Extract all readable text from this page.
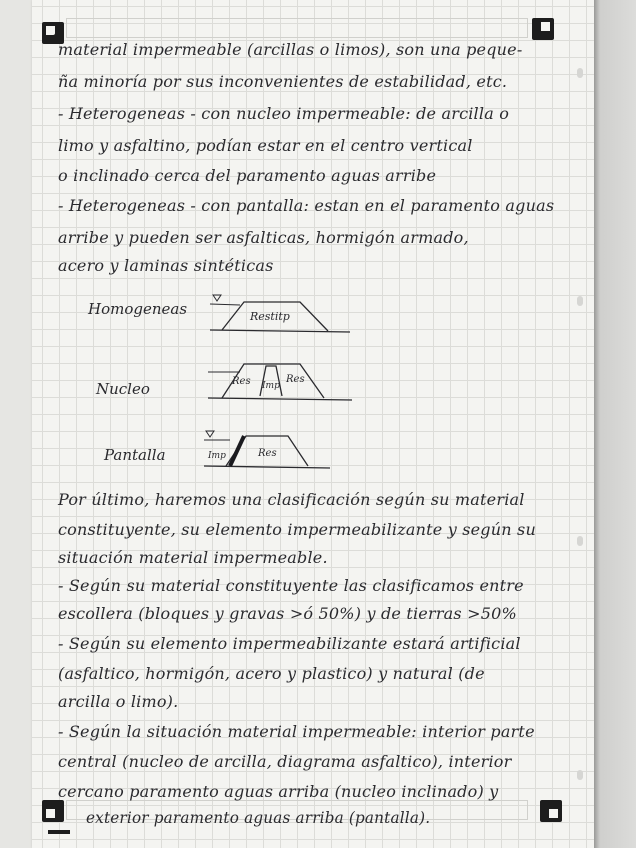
material impermeable (arcillas o limos), son una peque-

ña minoría por sus inconvenientes de estabilidad, etc.

- Heterogeneas - con nucleo impermeable: de arcilla o

limo y asfaltino, podían estar en el centro vertical

o inclinado cerca del paramento aguas arribe

- Heterogeneas - con pantalla: estan en el paramento aguas

arribe y pueden ser asfalticas, hormigón armado,

acero y laminas sintéticas

Homogeneas	Restitp
Nucleo	Res Imp
Res
Pantalla	Imp	Res

Por último, haremos una clasificación según su material

constituyente, su elemento impermeabilizante y según su

situación material impermeable.

- Según su material constituyente las clasificamos entre

escollera (bloques y gravas >ó 50%) y de tierras >50%

- Según su elemento impermeabilizante estará artificial

(asfaltico, hormigón, acero y plastico) y natural (de

arcilla o limo).

- Según la situación material impermeable: interior parte

central (nucleo de arcilla, diagrama asfaltico), interior

cercano paramento aguas arriba (nucleo inclinado) y

exterior paramento aguas arriba (pantalla).
